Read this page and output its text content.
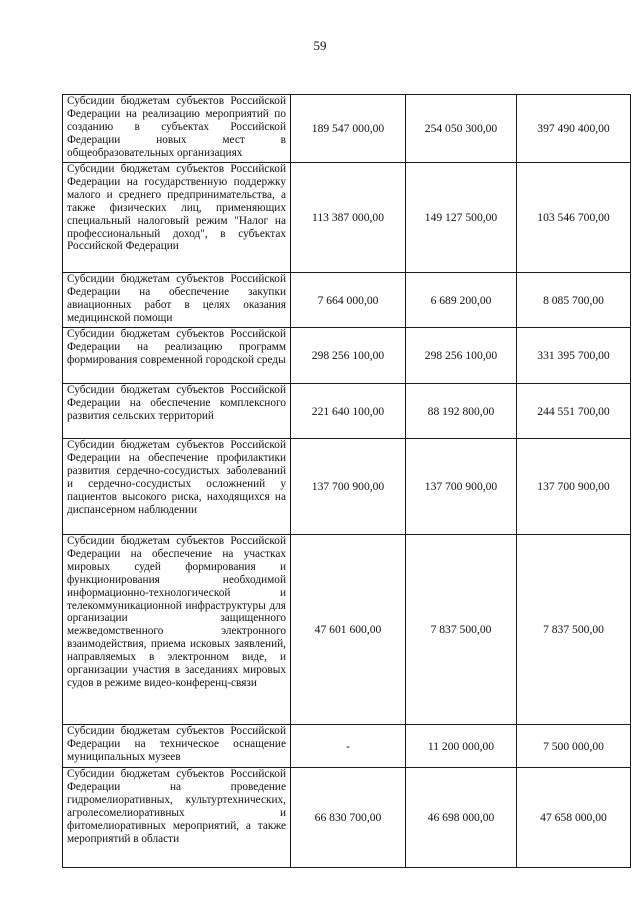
59
Субсидии бюджетам субъектов Российской Федерации на реализацию мероприятий по созданию в субъектах Российской Федерации новых мест в общеобразовательных организациях	189 547 000,00	254 050 300,00	397 490 400,00
Субсидии бюджетам субъектов Российской Федерации на государственную поддержку малого и среднего предпринимательства, а также физических лиц, применяющих специальный налоговый режим "Налог на профессиональный доход", в субъектах Российской Федерации	113 387 000,00	149 127 500,00	103 546 700,00
Субсидии бюджетам субъектов Российской Федерации на обеспечение закупки авиационных работ в целях оказания медицинской помощи	7 664 000,00	6 689 200,00	8 085 700,00
Субсидии бюджетам субъектов Российской Федерации на реализацию программ формирования современной городской среды	298 256 100,00	298 256 100,00	331 395 700,00
Субсидии бюджетам субъектов Российской Федерации на обеспечение комплексного развития сельских территорий	221 640 100,00	88 192 800,00	244 551 700,00
Субсидии бюджетам субъектов Российской Федерации на обеспечение профилактики развития сердечно-сосудистых заболеваний и сердечно-сосудистых осложнений у пациентов высокого риска, находящихся на диспансерном наблюдении	137 700 900,00	137 700 900,00	137 700 900,00
Субсидии бюджетам субъектов Российской Федерации на обеспечение на участках мировых судей формирования и функционирования необходимой информационно-технологической и телекоммуникационной инфраструктуры для организации защищенного межведомственного электронного взаимодействия, приема исковых заявлений, направляемых в электронном виде, и организации участия в заседаниях мировых судов в режиме видео-конференц-связи	47 601 600,00	7 837 500,00	7 837 500,00
Субсидии бюджетам субъектов Российской Федерации на техническое оснащение муниципальных музеев	-	11 200 000,00	7 500 000,00
Субсидии бюджетам субъектов Российской Федерации на проведение гидромелиоративных, культуртехнических, агролесомелиоративных и фитомелиоративных мероприятий, а также мероприятий в области	66 830 700,00	46 698 000,00	47 658 000,00
